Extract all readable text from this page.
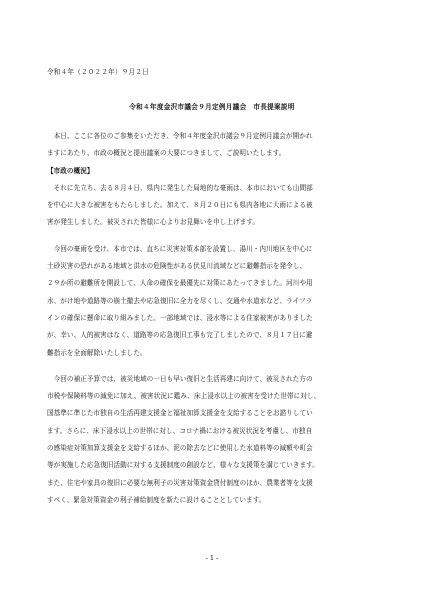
令和４年（２０２２年）９月２日
令和４年度金沢市議会９月定例月議会　市長提案説明
　本日、ここに各位のご参集をいただき、令和４年度金沢市議会９月定例月議会が開かれ
ますにあたり、市政の概況と提出議案の大要につきまして、ご説明いたします。
【市政の概況】
　それに先立ち、去る８月４日、県内に発生した局地的な豪雨は、本市においても山間部
を中心に大きな被害をもたらしました。加えて、８月２０日にも県内各地に大雨による被
害が発生しました。被災された皆様に心よりお見舞いを申し上げます。
　今回の豪雨を受け、本市では、直ちに災害対策本部を設置し、湯川・内川地区を中心に
土砂災害の恐れがある地域と洪水の危険性がある伏見川流域などに避難指示を発令し、
２９か所の避難所を開設して、人命の確保を最優先に対策にあたってきました。河川や用
水、がけ地や道路等の崩土撤去や応急復旧に全力を尽くし、交通や水道水など、ライフラ
インの確保に懸命に取り組みました。一部地域では、浸水等による住家被害がありました
が、幸い、人的被害はなく、道路等の応急復旧工事も完了しましたので、８月１７日に避
難指示を全面解除いたしました。
　今回の補正予算では、被災地域の一日も早い復旧と生活再建に向けて、被災された方の
市税や保険料等の減免に加え、被害状況に鑑み、床上浸水以上の被害を受けた世帯に対し、
国基準に準じた市独自の生活再建支援金と福祉加算支援金を支給することをお諮りしてい
ます。さらに、床下浸水以上の世帯に対し、コロナ禍における被災状況を考慮し、市独自
の感染症対策加算支援金を支給するほか、泥の除去などに使用した水道料等の減額や町会
等が実施した応急復旧活動に対する支援制度の創設など、様々な支援策を講じていきます。
また、住宅や家具の復旧に必要な無利子の災害対策資金貸付制度のほか、農業者等を支援
すべく、緊急対策資金の利子補給制度を新たに設けることとしています。
- 1 -
